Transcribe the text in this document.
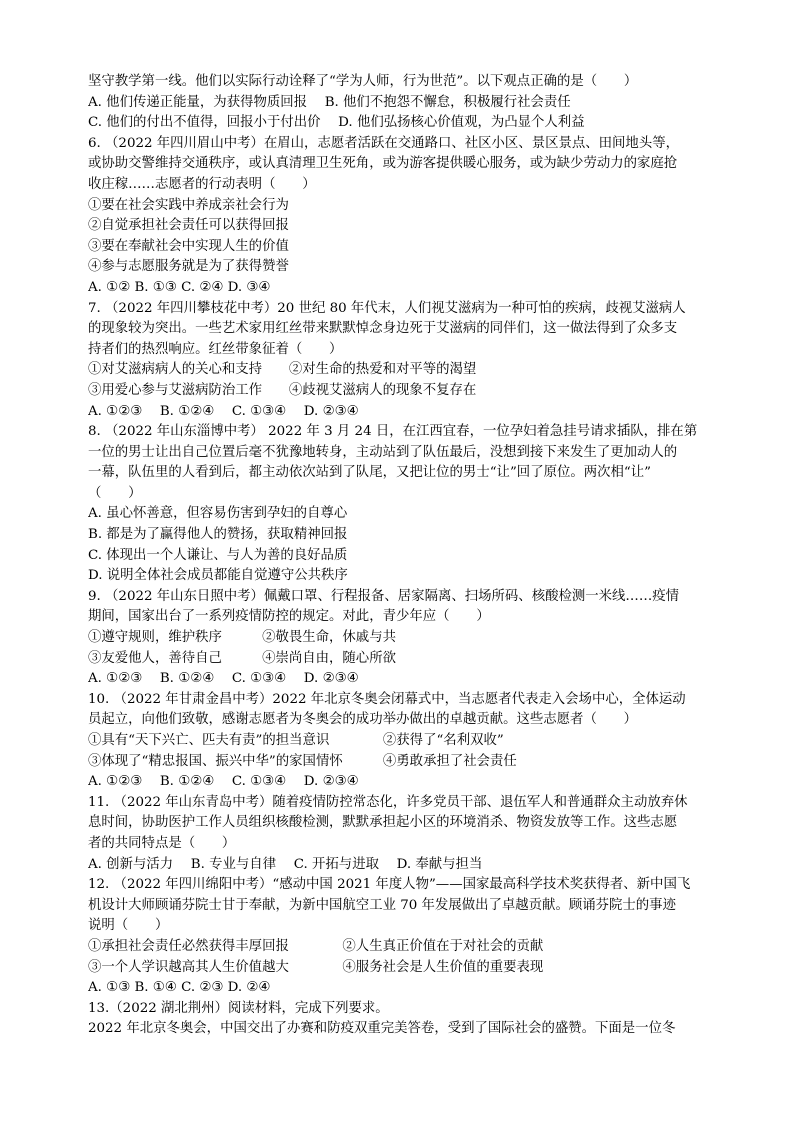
坚守教学第一线。他们以实际行动诠释了“学为人师，行为世范”。以下观点正确的是（　　）

A. 他们传递正能量，为获得物质回报　 B. 他们不抱怨不懈怠，积极履行社会责任

C. 他们的付出不值得，回报小于付出价　 D. 他们弘扬核心价值观，为凸显个人利益

6. （2022 年四川眉山中考）在眉山，志愿者活跃在交通路口、社区小区、景区景点、田间地头等，

或协助交警维持交通秩序，或认真清理卫生死角，或为游客提供暖心服务，或为缺少劳动力的家庭抢

收庄稼……志愿者的行动表明（　　）

①要在社会实践中养成亲社会行为

②自觉承担社会责任可以获得回报

③要在奉献社会中实现人生的价值

④参与志愿服务就是为了获得赞誉

A. ①② B. ①③ C. ②④ D. ③④

7. （2022 年四川攀枝花中考）20 世纪 80 年代末，人们视艾滋病为一种可怕的疾病，歧视艾滋病人

的现象较为突出。一些艺术家用红丝带来默默悼念身边死于艾滋病的同伴们，这一做法得到了众多支

持者们的热烈响应。红丝带象征着（　　）

①对艾滋病病人的关心和支持　　②对生命的热爱和对平等的渴望

③用爱心参与艾滋病防治工作　　④歧视艾滋病人的现象不复存在

A. ①②③　 B. ①②④　 C. ①③④　 D. ②③④

8. （2022 年山东淄博中考） 2022 年 3 月 24 日，在江西宜春，一位孕妇着急挂号请求插队，排在第

一位的男士让出自己位置后毫不犹豫地转身，主动站到了队伍最后，没想到接下来发生了更加动人的

一幕，队伍里的人看到后，都主动依次站到了队尾，又把让位的男士“让”回了原位。两次相“让”

（　　）

A. 虽心怀善意，但容易伤害到孕妇的自尊心

B. 都是为了赢得他人的赞扬，获取精神回报

C. 体现出一个人谦让、与人为善的良好品质

D. 说明全体社会成员都能自觉遵守公共秩序

9. （2022 年山东日照中考）佩戴口罩、行程报备、居家隔离、扫场所码、核酸检测一米线……疫情

期间，国家出台了一系列疫情防控的规定。对此，青少年应（　　）

①遵守规则，维护秩序　　　②敬畏生命，休戚与共

③友爱他人，善待自己　　　④崇尚自由，随心所欲

A. ①②③　 B. ①②④　 C. ①③④　 D. ②③④

10. （2022 年甘肃金昌中考）2022 年北京冬奥会闭幕式中，当志愿者代表走入会场中心，全体运动

员起立，向他们致敬，感谢志愿者为冬奥会的成功举办做出的卓越贡献。这些志愿者（　　）

①具有“天下兴亡、匹夫有责”的担当意识　　　　②获得了“名利双收”

③体现了“精忠报国、振兴中华”的家国情怀　　　④勇敢承担了社会责任

A. ①②③　 B. ①②④　 C. ①③④　 D. ②③④

11. （2022 年山东青岛中考）随着疫情防控常态化，许多党员干部、退伍军人和普通群众主动放弃休

息时间，协助医护工作人员组织核酸检测，默默承担起小区的环境消杀、物资发放等工作。这些志愿

者的共同特点是（　　）

A. 创新与活力　 B. 专业与自律　 C. 开拓与进取　 D. 奉献与担当

12. （2022 年四川绵阳中考）“感动中国 2021 年度人物”——国家最高科学技术奖获得者、新中国飞

机设计大师顾诵芬院士甘于奉献，为新中国航空工业 70 年发展做出了卓越贡献。顾诵芬院士的事迹

说明（　　）

①承担社会责任必然获得丰厚回报　　　　②人生真正价值在于对社会的贡献

③一个人学识越高其人生价值越大　　　　④服务社会是人生价值的重要表现

A. ①③ B. ①④ C. ②③ D. ②④

13.（2022 湖北荆州）阅读材料，完成下列要求。

2022 年北京冬奥会，中国交出了办赛和防疫双重完美答卷，受到了国际社会的盛赞。下面是一位冬
